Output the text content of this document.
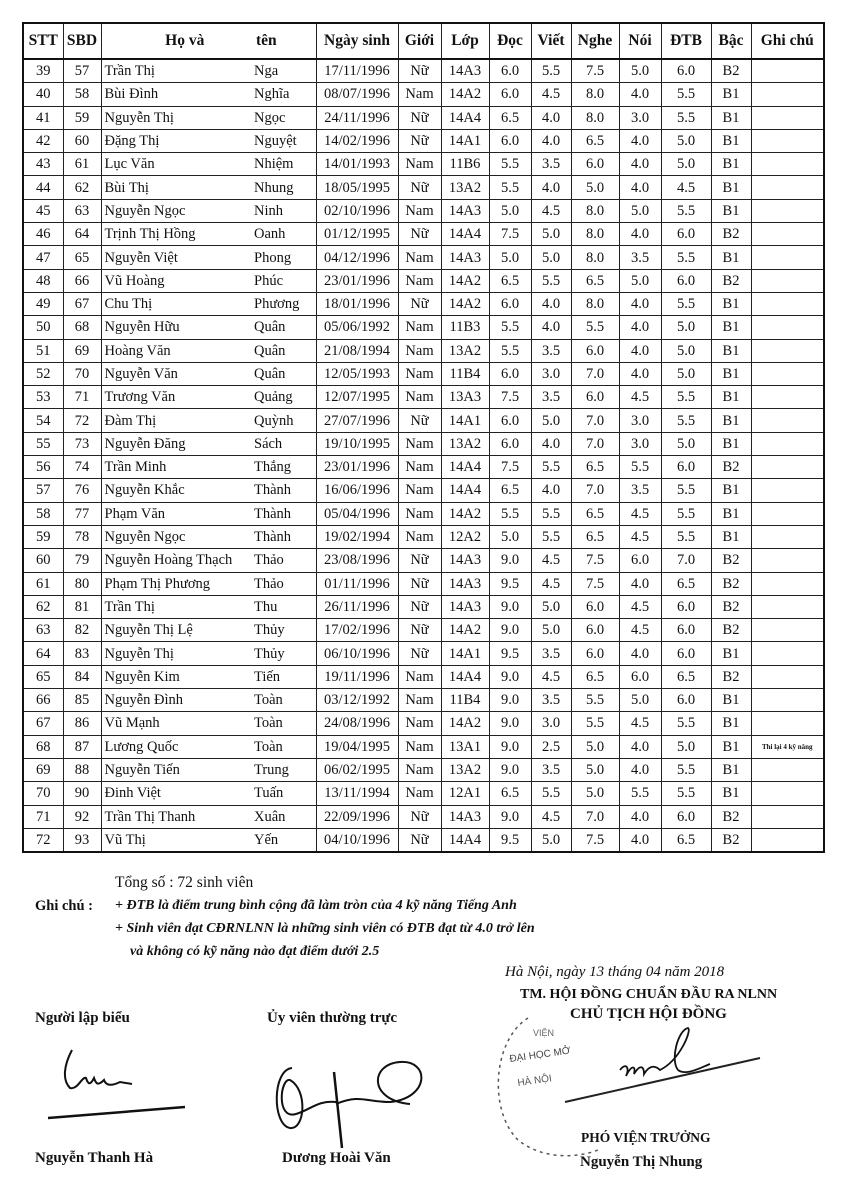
STT	SBD	Họ và	tên	Ngày sinh	Giới	Lớp	Đọc	Viết	Nghe	Nói	ĐTB	Bậc	Ghi chú
39	57	Trần Thị	Nga	17/11/1996	Nữ	14A3	6.0	5.5	7.5	5.0	6.0	B2	
40	58	Bùi Đình	Nghĩa	08/07/1996	Nam	14A2	6.0	4.5	8.0	4.0	5.5	B1	
41	59	Nguyễn Thị	Ngọc	24/11/1996	Nữ	14A4	6.5	4.0	8.0	3.0	5.5	B1	
42	60	Đặng Thị	Nguyệt	14/02/1996	Nữ	14A1	6.0	4.0	6.5	4.0	5.0	B1	
43	61	Lục Văn	Nhiệm	14/01/1993	Nam	11B6	5.5	3.5	6.0	4.0	5.0	B1	
44	62	Bùi Thị	Nhung	18/05/1995	Nữ	13A2	5.5	4.0	5.0	4.0	4.5	B1	
45	63	Nguyễn Ngọc	Ninh	02/10/1996	Nam	14A3	5.0	4.5	8.0	5.0	5.5	B1	
46	64	Trịnh Thị Hồng	Oanh	01/12/1995	Nữ	14A4	7.5	5.0	8.0	4.0	6.0	B2	
47	65	Nguyễn Việt	Phong	04/12/1996	Nam	14A3	5.0	5.0	8.0	3.5	5.5	B1	
48	66	Vũ Hoàng	Phúc	23/01/1996	Nam	14A2	6.5	5.5	6.5	5.0	6.0	B2	
49	67	Chu Thị	Phương	18/01/1996	Nữ	14A2	6.0	4.0	8.0	4.0	5.5	B1	
50	68	Nguyễn Hữu	Quân	05/06/1992	Nam	11B3	5.5	4.0	5.5	4.0	5.0	B1	
51	69	Hoàng Văn	Quân	21/08/1994	Nam	13A2	5.5	3.5	6.0	4.0	5.0	B1	
52	70	Nguyễn Văn	Quân	12/05/1993	Nam	11B4	6.0	3.0	7.0	4.0	5.0	B1	
53	71	Trương Văn	Quảng	12/07/1995	Nam	13A3	7.5	3.5	6.0	4.5	5.5	B1	
54	72	Đàm Thị	Quỳnh	27/07/1996	Nữ	14A1	6.0	5.0	7.0	3.0	5.5	B1	
55	73	Nguyễn Đăng	Sách	19/10/1995	Nam	13A2	6.0	4.0	7.0	3.0	5.0	B1	
56	74	Trần Minh	Thắng	23/01/1996	Nam	14A4	7.5	5.5	6.5	5.5	6.0	B2	
57	76	Nguyễn Khắc	Thành	16/06/1996	Nam	14A4	6.5	4.0	7.0	3.5	5.5	B1	
58	77	Phạm Văn	Thành	05/04/1996	Nam	14A2	5.5	5.5	6.5	4.5	5.5	B1	
59	78	Nguyễn Ngọc	Thành	19/02/1994	Nam	12A2	5.0	5.5	6.5	4.5	5.5	B1	
60	79	Nguyễn Hoàng Thạch	Thảo	23/08/1996	Nữ	14A3	9.0	4.5	7.5	6.0	7.0	B2	
61	80	Phạm Thị Phương	Thảo	01/11/1996	Nữ	14A3	9.5	4.5	7.5	4.0	6.5	B2	
62	81	Trần Thị	Thu	26/11/1996	Nữ	14A3	9.0	5.0	6.0	4.5	6.0	B2	
63	82	Nguyễn Thị Lệ	Thủy	17/02/1996	Nữ	14A2	9.0	5.0	6.0	4.5	6.0	B2	
64	83	Nguyễn Thị	Thủy	06/10/1996	Nữ	14A1	9.5	3.5	6.0	4.0	6.0	B1	
65	84	Nguyễn Kim	Tiến	19/11/1996	Nam	14A4	9.0	4.5	6.5	6.0	6.5	B2	
66	85	Nguyễn Đình	Toàn	03/12/1992	Nam	11B4	9.0	3.5	5.5	5.0	6.0	B1	
67	86	Vũ Mạnh	Toàn	24/08/1996	Nam	14A2	9.0	3.0	5.5	4.5	5.5	B1	
68	87	Lương Quốc	Toàn	19/04/1995	Nam	13A1	9.0	2.5	5.0	4.0	5.0	B1	Thi lại 4 kỹ năng
69	88	Nguyễn Tiến	Trung	06/02/1995	Nam	13A2	9.0	3.5	5.0	4.0	5.5	B1	
70	90	Đinh Việt	Tuấn	13/11/1994	Nam	12A1	6.5	5.5	5.0	5.5	5.5	B1	
71	92	Trần Thị Thanh	Xuân	22/09/1996	Nữ	14A3	9.0	4.5	7.0	4.0	6.0	B2	
72	93	Vũ Thị	Yến	04/10/1996	Nữ	14A4	9.5	5.0	7.5	4.0	6.5	B2	
Tổng số : 72 sinh viên
Ghi chú : + ĐTB là điểm trung bình cộng đã làm tròn của 4 kỹ năng Tiếng Anh
+ Sinh viên đạt CĐRNLNN là những sinh viên có ĐTB đạt từ 4.0 trở lên
và không có kỹ năng nào đạt điểm dưới 2.5
Hà Nội, ngày 13 tháng 04 năm 2018
Người lập biểu
Nguyễn Thanh Hà
Ủy viên thường trực
Dương Hoài Văn
TM. HỘI ĐỒNG CHUẨN ĐẦU RA NLNN
CHỦ TỊCH HỘI ĐỒNG
VIỆN
ĐẠI HỌC MỞ
HÀ NỘI
PHÓ VIỆN TRƯỞNG
Nguyễn Thị Nhung
